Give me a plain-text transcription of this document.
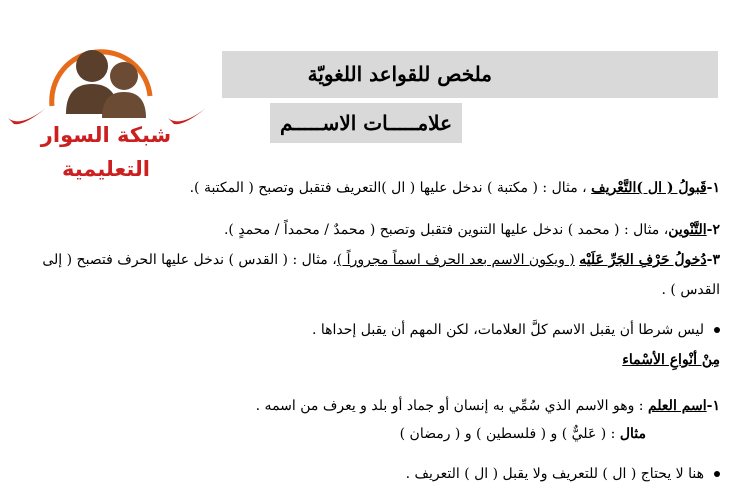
ملخص للقواعد اللغويّة
علامـــــات الاســـــم
شبكة السوار التعليمية
١-قَبولُ ( ال )التَّعْريف ، مثال : ( مكتبة ) ندخل عليها ( ال )التعريف فتقبل وتصبح ( المكتبة ).
٢-التَّنْوين، مثال : ( محمد ) ندخل عليها التنوين فتقبل وتصبح ( محمدٌ / محمداً / محمدٍ ).
٣-دُخولُ حَرْفِ الجَرِّ عَلَيْه ( ويكون الاسم بعد الحرف اسماً مجروراً )، مثال : ( القدس ) ندخل عليها الحرف فتصبح ( إلى
القدس ) .
ليس شرطا أن يقبل الاسم كلَّ العلامات، لكن المهم أن يقبل إحداها .
مِنْ أنْواعِ الأسْماء
١-اسم العلم : وهو الاسم الذي سُمِّي به إنسان أو جماد أو بلد و يعرف من اسمه .
مثال : ( عَليٌّ ) و ( فلسطين ) و ( رمضان )
هنا لا يحتاج ( ال ) للتعريف ولا يقبل ( ال ) التعريف .
